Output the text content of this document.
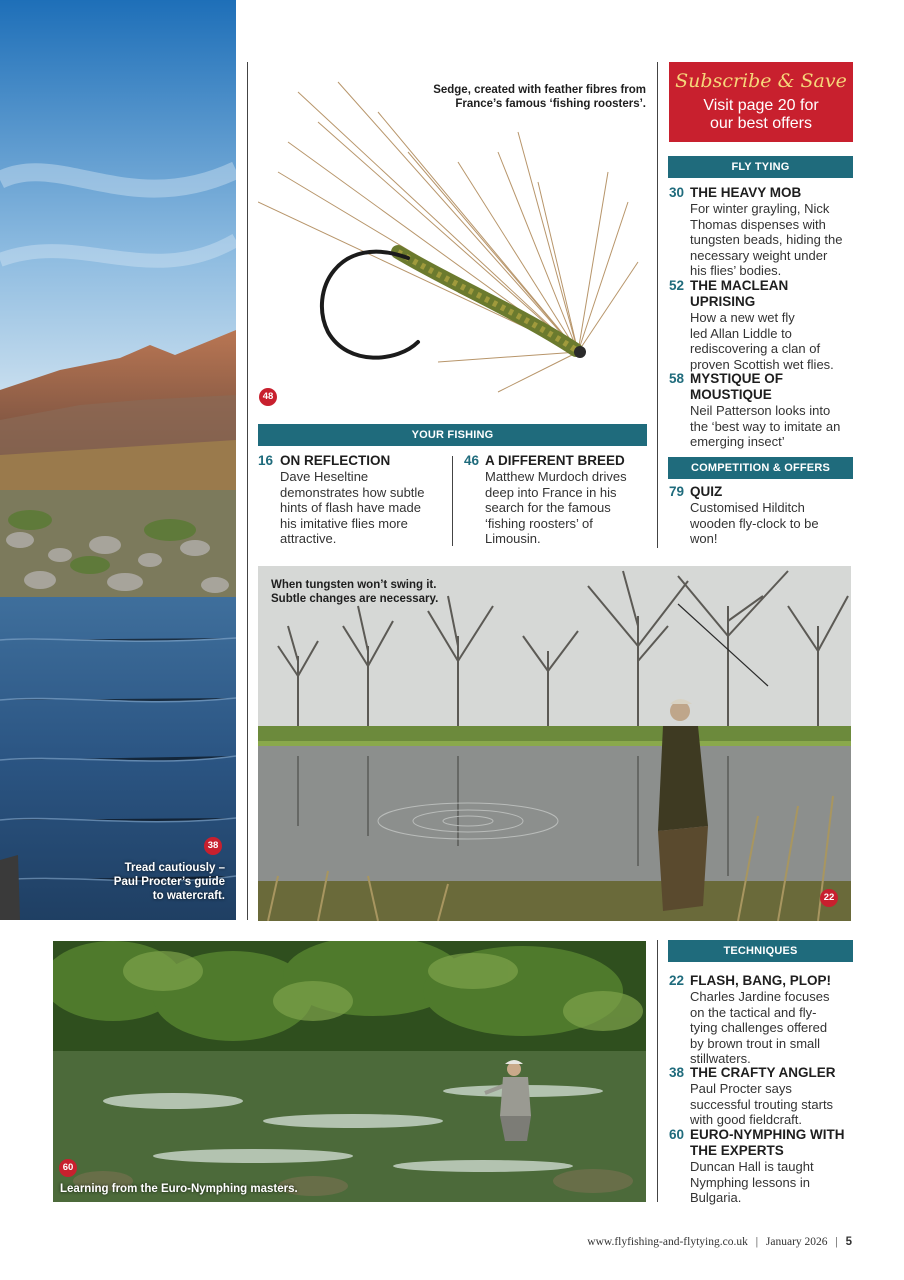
38
Tread cautiously –
Paul Procter’s guide
to watercraft.
Sedge, created with feather fibres from
France’s famous ‘fishing roosters’.
48
Subscribe & Save
Visit page 20 for
our best offers
FLY TYING
30 THE HEAVY MOB
For winter grayling, Nick
Thomas dispenses with
tungsten beads, hiding the
necessary weight under
his flies’ bodies.
52 THE MACLEAN
UPRISING
How a new wet fly
led Allan Liddle to
rediscovering a clan of
proven Scottish wet flies.
58 MYSTIQUE OF
MOUSTIQUE
Neil Patterson looks into
the ‘best way to imitate an
emerging insect’
COMPETITION & OFFERS
79 QUIZ
Customised Hilditch
wooden fly-clock to be
won!
YOUR FISHING
16 ON REFLECTION
Dave Heseltine
demonstrates how subtle
hints of flash have made
his imitative flies more
attractive.
46 A DIFFERENT BREED
Matthew Murdoch drives
deep into France in his
search for the famous
‘fishing roosters’ of
Limousin.
When tungsten won’t swing it.
Subtle changes are necessary.
22
60
Learning from the Euro-Nymphing masters.
TECHNIQUES
22 FLASH, BANG, PLOP!
Charles Jardine focuses
on the tactical and fly-
tying challenges offered
by brown trout in small
stillwaters.
38 THE CRAFTY ANGLER
Paul Procter says
successful trouting starts
with good fieldcraft.
60 EURO-NYMPHING WITH
THE EXPERTS
Duncan Hall is taught
Nymphing lessons in
Bulgaria.
www.flyfishing-and-flytying.co.uk | January 2026 | 5
